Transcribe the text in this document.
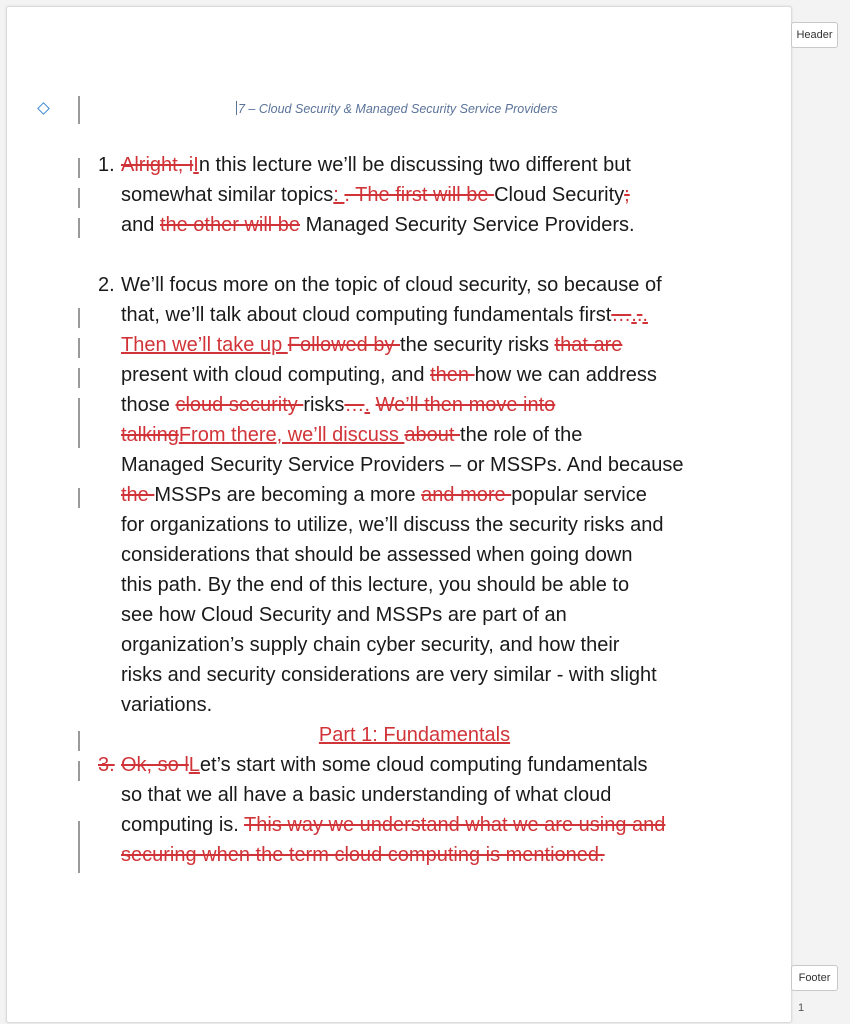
Header
Footer
1
7 – Cloud Security & Managed Security Service Providers
1. Alright, iIn this lecture we’ll be discussing two different but
somewhat similar topics: . The first will be Cloud Security;
and the other will be Managed Security Service Providers.
2. We’ll focus more on the topic of cloud security, so because of
that, we’ll talk about cloud computing fundamentals first…...
Then we’ll take up Followed by the security risks that are
present with cloud computing, and then how we can address
those cloud security risks…. We’ll then move into
talkingFrom there, we’ll discuss about the role of the
Managed Security Service Providers – or MSSPs. And because
the MSSPs are becoming a more and more popular service
for organizations to utilize, we’ll discuss the security risks and
considerations that should be assessed when going down
this path. By the end of this lecture, you should be able to
see how Cloud Security and MSSPs are part of an
organization’s supply chain cyber security, and how their
risks and security considerations are very similar - with slight
variations.
Part 1: Fundamentals
3. Ok, so lLet’s start with some cloud computing fundamentals
so that we all have a basic understanding of what cloud
computing is. This way we understand what we are using and
securing when the term cloud computing is mentioned.
